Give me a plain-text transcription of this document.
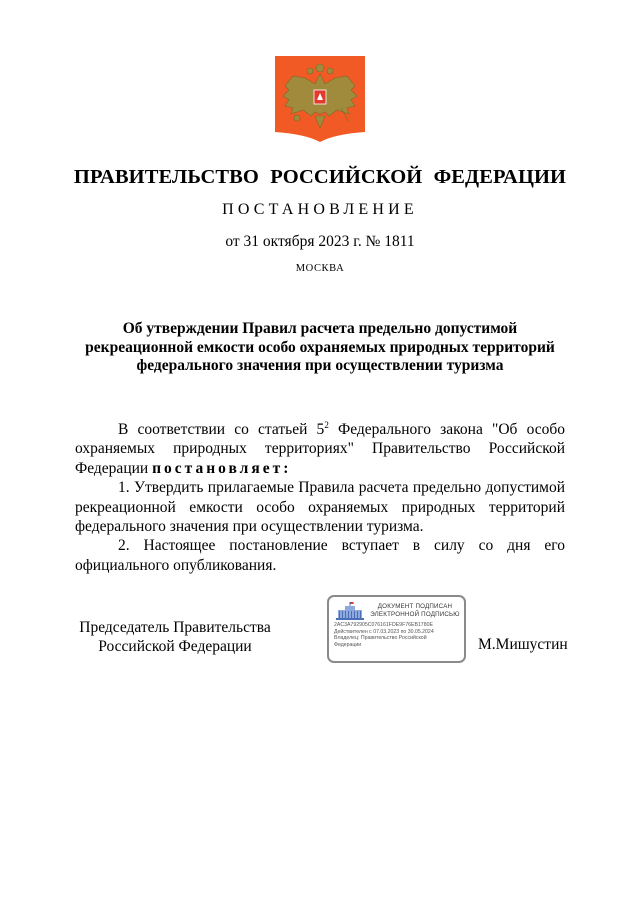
ПРАВИТЕЛЬСТВО РОССИЙСКОЙ ФЕДЕРАЦИИ
ПОСТАНОВЛЕНИЕ
от 31 октября 2023 г. № 1811
МОСКВА
Об утверждении Правил расчета предельно допустимой
рекреационной емкости особо охраняемых природных территорий
федерального значения при осуществлении туризма

В соответствии со статьей $5^2$ Федерального закона "Об особо охраняемых природных территориях" Правительство Российской Федерации постановляет:

1. Утвердить прилагаемые Правила расчета предельно допустимой рекреационной емкости особо охраняемых природных территорий федерального значения при осуществлении туризма.

2. Настоящее постановление вступает в силу со дня его официального опубликования.

Председатель Правительства
Российской Федерации
ДОКУМЕНТ ПОДПИСАН
ЭЛЕКТРОННОЙ ПОДПИСЬЮ
2AC3A792905C076161FDE9F76EB1780E
Действителен с 07.03.2023 по 30.05.2024
Владелец: Правительство Российской
Федерации	М.Мишустин
